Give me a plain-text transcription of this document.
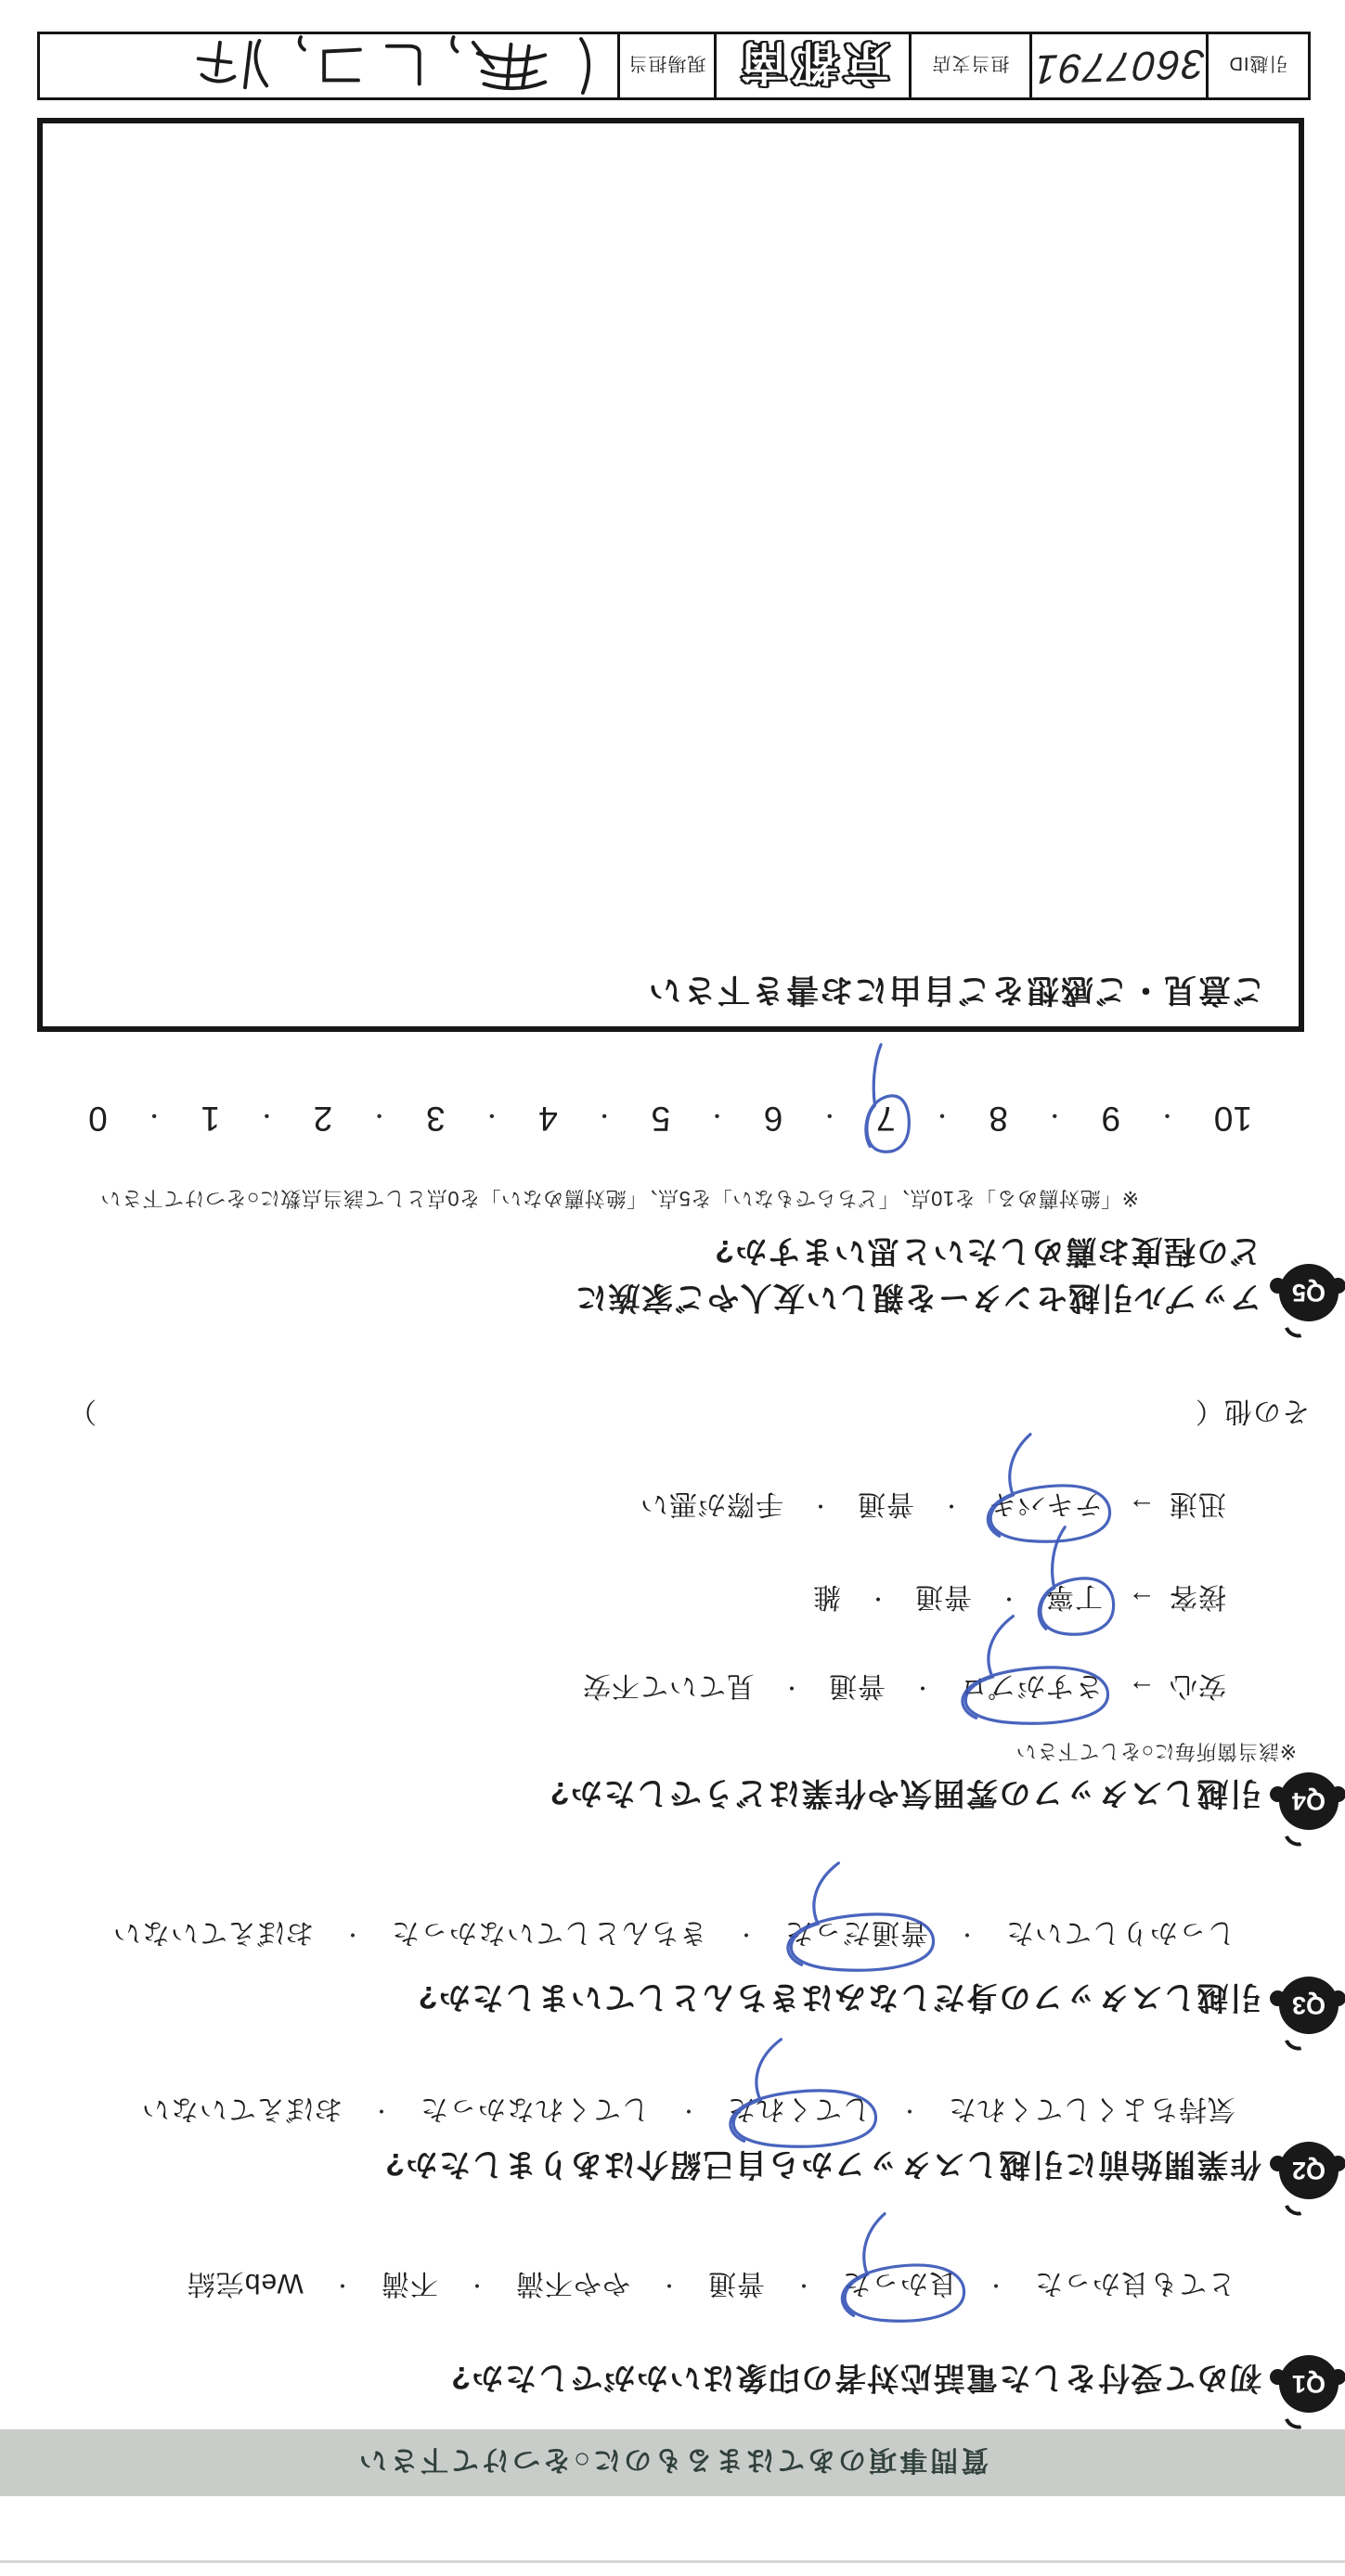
質問事項のあてはまるものに○をつけて下さい
Q1
初めて受付をした電話応対者の印象はいかがでしたか?
とても良かった
・
良かった
・
普通
・
やや不満
・
不満
・
Web完結
Q2
作業開始前に引越しスタッフから自己紹介はありましたか?
気持ちよくしてくれた
・
してくれた
・
してくれなかった
・
おぼえていない
Q3
引越しスタッフの身だしなみはきちんとしていましたか?
しっかりしていた
・
普通だった
・
きちんとしていなかった
・
おぼえていない
Q4
引越しスタッフの雰囲気や作業はどうでしたか?
※該当箇所毎に○をして下さい
安心
→
さすがプロ
・
普通
・
見ていて不安
接客
→
丁寧
・
普通
・
雑
迅速
→
テキパキ
・
普通
・
手際が悪い
その他（
）
Q5
アップル引越センターを親しい友人やご家族に
どの程度お薦めしたいと思いますか?
※「絶対薦める」を10点、「どちらでもない」を5点、「絶対薦めない」を0点として該当点数に○をつけて下さい
10
・
9
・
8
・
7
・
6
・
5
・
4
・
3
・
2
・
1
・
0
ご意見・ご感想をご自由にお書き下さい
引越ID
3607791
担当支店
京都南
現場担当
